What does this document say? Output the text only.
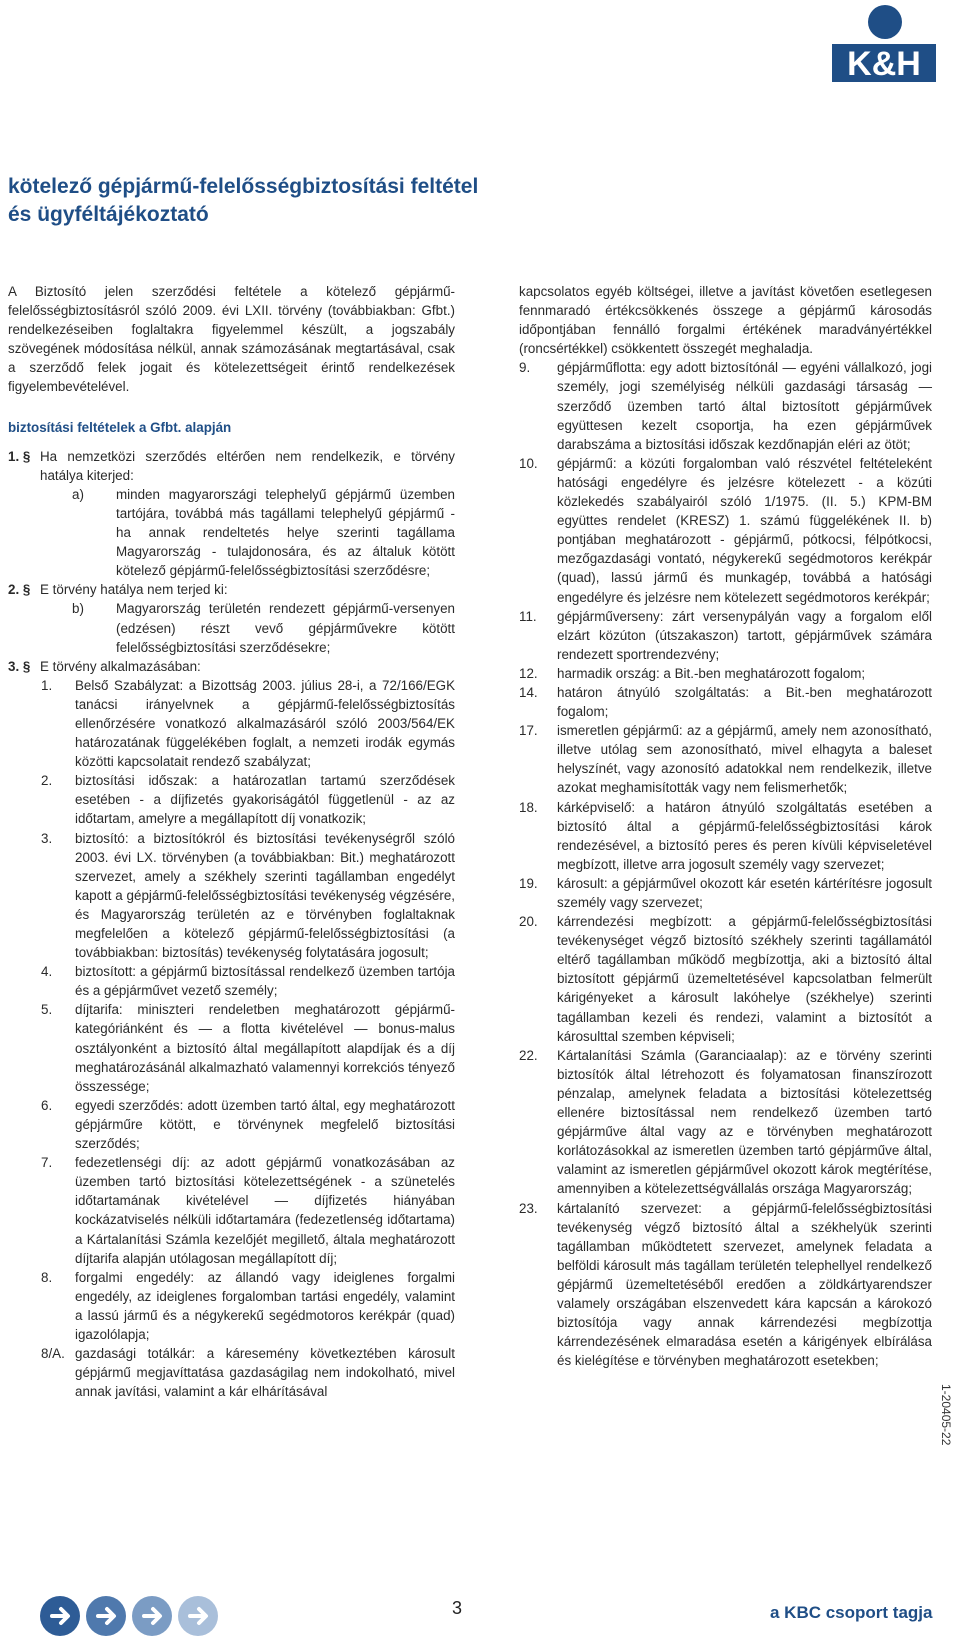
K&H
kötelező gépjármű-felelősségbiztosítási feltétel
és ügyféltájékoztató

A Biztosító jelen szerződési feltétele a kötelező gépjármű-felelősségbiztosításról szóló 2009. évi LXII. törvény (továbbiakban: Gfbt.) rendelkezéseiben foglaltakra figyelemmel készült, a jogszabály szövegének módosítása nélkül, annak számozásának megtartásával, csak a szerződő felek jogait és kötelezettségeit érintő rendelkezések figyelembevételével.

biztosítási feltételek a Gfbt. alapján

1. § Ha nemzetközi szerződés eltérően nem rendelkezik, e törvény hatálya kiterjed:
a)	minden magyarországi telephelyű gépjármű üzemben tartójára, továbbá más tagállami telephelyű gépjármű - ha annak rendeltetés helye szerinti tagállama Magyarország - tulajdonosára, és az általuk kötött kötelező gépjármű-felelősségbiztosítási szerződésre;
2. § E törvény hatálya nem terjed ki:
b)	Magyarország területén rendezett gépjármű-versenyen (edzésen) részt vevő gépjárművekre kötött felelősségbiztosítási szerződésekre;
3. § E törvény alkalmazásában:
1.	Belső Szabályzat: a Bizottság 2003. július 28-i, a 72/166/EGK tanácsi irányelvnek a gépjármű-felelősségbiztosítás ellenőrzésére vonatkozó alkalmazásáról szóló 2003/564/EK határozatának függelékében foglalt, a nemzeti irodák egymás közötti kapcsolatait rendező szabályzat;
2.	biztosítási időszak: a határozatlan tartamú szerződések esetében - a díjfizetés gyakoriságától függetlenül - az az időtartam, amelyre a megállapított díj vonatkozik;
3.	biztosító: a biztosítókról és biztosítási tevékenységről szóló 2003. évi LX. törvényben (a továbbiakban: Bit.) meghatározott szervezet, amely a székhely szerinti tagállamban engedélyt kapott a gépjármű-felelősségbiztosítási tevékenység végzésére, és Magyarország területén az e törvényben foglaltaknak megfelelően a kötelező gépjármű-felelősségbiztosítási (a továbbiakban: biztosítás) tevékenység folytatására jogosult;
4.	biztosított: a gépjármű biztosítással rendelkező üzemben tartója és a gépjárművet vezető személy;
5.	díjtarifa: miniszteri rendeletben meghatározott gépjármű-kategóriánként és — a flotta kivételével — bonus-malus osztályonként a biztosító által megállapított alapdíjak és a díj meghatározásánál alkalmazható valamennyi korrekciós tényező összessége;
6.	egyedi szerződés: adott üzemben tartó által, egy meghatározott gépjárműre kötött, e törvénynek megfelelő biztosítási szerződés;
7.	fedezetlenségi díj: az adott gépjármű vonatkozásában az üzemben tartó biztosítási kötelezettségének - a szünetelés időtartamának kivételével — díjfizetés hiányában kockázatviselés nélküli időtartamára (fedezetlenség időtartama) a Kártalanítási Számla kezelőjét megillető, általa meghatározott díjtarifa alapján utólagosan megállapított díj;
8.	forgalmi engedély: az állandó vagy ideiglenes forgalmi engedély, az ideiglenes forgalomban tartási engedély, valamint a lassú jármű és a négykerekű segédmotoros kerékpár (quad) igazolólapja;
8/A. gazdasági totálkár: a káresemény következtében károsult gépjármű megjavíttatása gazdaságilag nem indokolható, mivel annak javítási, valamint a kár elhárításával

kapcsolatos egyéb költségei, illetve a javítást követően esetlegesen fennmaradó értékcsökkenés összege a gépjármű károsodás időpontjában fennálló forgalmi értékének maradványértékkel (roncsértékkel) csökkentett összegét meghaladja.

9.	gépjárműflotta: egy adott biztosítónál — egyéni vállalkozó, jogi személy, jogi személyiség nélküli gazdasági társaság — szerződő üzemben tartó által biztosított gépjárművek együttesen kezelt csoportja, ha ezen gépjárművek darabszáma a biztosítási időszak kezdőnapján eléri az ötöt;
10.	gépjármű: a közúti forgalomban való részvétel feltételeként hatósági engedélyre és jelzésre kötelezett - a közúti közlekedés szabályairól szóló 1/1975. (II. 5.) KPM-BM együttes rendelet (KRESZ) 1. számú függelékének II. b) pontjában meghatározott - gépjármű, pótkocsi, félpótkocsi, mezőgazdasági vontató, négykerekű segédmotoros kerékpár (quad), lassú jármű és munkagép, továbbá a hatósági engedélyre és jelzésre nem kötelezett segédmotoros kerékpár;
11.	gépjárműverseny: zárt versenypályán vagy a forgalom elől elzárt közúton (útszakaszon) tartott, gépjárművek számára rendezett sportrendezvény;
12.	harmadik ország: a Bit.-ben meghatározott fogalom;
14.	határon átnyúló szolgáltatás: a Bit.-ben meghatározott fogalom;
17.	ismeretlen gépjármű: az a gépjármű, amely nem azonosítható, illetve utólag sem azonosítható, mivel elhagyta a baleset helyszínét, vagy azonosító adatokkal nem rendelkezik, illetve azokat meghamisították vagy nem felismerhetők;
18.	kárképviselő: a határon átnyúló szolgáltatás esetében a biztosító által a gépjármű-felelősségbiztosítási károk rendezésével, a biztosító peres és peren kívüli képviseletével megbízott, illetve arra jogosult személy vagy szervezet;
19.	károsult: a gépjárművel okozott kár esetén kártérítésre jogosult személy vagy szervezet;
20.	kárrendezési megbízott: a gépjármű-felelősségbiztosítási tevékenységet végző biztosító székhely szerinti tagállamától eltérő tagállamban működő megbízottja, aki a biztosító által biztosított gépjármű üzemeltetésével kapcsolatban felmerült kárigényeket a károsult lakóhelye (székhelye) szerinti tagállamban kezeli és rendezi, valamint a biztosítót a károsulttal szemben képviseli;
22.	Kártalanítási Számla (Garanciaalap): az e törvény szerinti biztosítók által létrehozott és folyamatosan finanszírozott pénzalap, amelynek feladata a biztosítási kötelezettség ellenére biztosítással nem rendelkező üzemben tartó gépjárműve által vagy az e törvényben meghatározott korlátozásokkal az ismeretlen üzemben tartó gépjárműve által, valamint az ismeretlen gépjárművel okozott károk megtérítése, amennyiben a kötelezettségvállalás országa Magyarország;
23.	kártalanító szervezet: a gépjármű-felelősségbiztosítási tevékenység végző biztosító által a székhelyük szerinti tagállamban működtetett szervezet, amelynek feladata a belföldi károsult más tagállam területén telephellyel rendelkező gépjármű üzemeltetéséből eredően a zöldkártyarendszer valamely országában elszenvedett kára kapcsán a károkozó biztosítója vagy annak kárrendezési megbízottja kárrendezésének elmaradása esetén a kárigények elbírálása és kielégítése e törvényben meghatározott esetekben;
1-20405-22
3	a KBC csoport tagja
